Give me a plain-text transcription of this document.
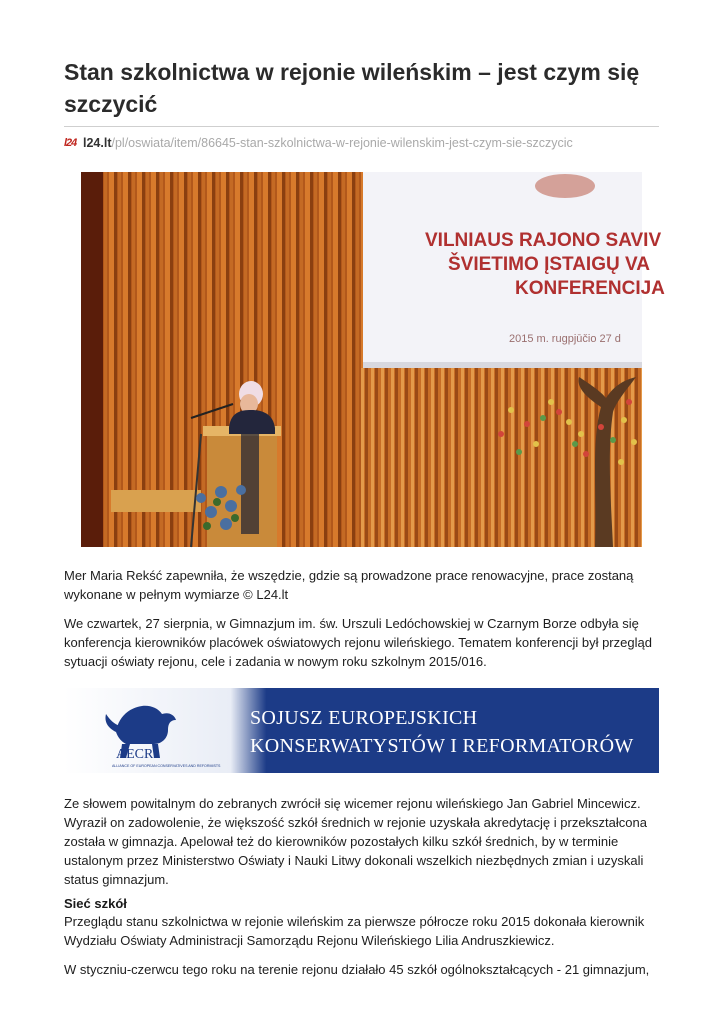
Stan szkolnictwa w rejonie wileńskim – jest czym się szczycić
l24 l24.lt /pl/oswiata/item/86645-stan-szkolnictwa-w-rejonie-wilenskim-jest-czym-sie-szczycic
VILNIAUS RAJONO SAVIV
ŠVIETIMO ĮSTAIGŲ VA
KONFERENCIJA
2015 m. rugpjūčio 27 d

Mer Maria Rekść zapewniła, że wszędzie, gdzie są prowadzone prace renowacyjne, prace zostaną wykonane w pełnym wymiarze © L24.lt

We czwartek, 27 sierpnia, w Gimnazjum im. św. Urszuli Ledóchowskiej w Czarnym Borze odbyła się konferencja kierowników placówek oświatowych rejonu wileńskiego. Tematem konferencji był przegląd sytuacji oświaty rejonu, cele i zadania w nowym roku szkolnym 2015/016.

AECR
ALLIANCE OF EUROPEAN CONSERVATIVES AND REFORMISTS
SOJUSZ EUROPEJSKICH
KONSERWATYSTÓW I REFORMATORÓW

Ze słowem powitalnym do zebranych zwrócił się wicemer rejonu wileńskiego Jan Gabriel Mincewicz. Wyraził on zadowolenie, że większość szkół średnich w rejonie uzyskała akredytację i przekształcona została w gimnazja. Apelował też do kierowników pozostałych kilku szkół średnich, by w terminie ustalonym przez Ministerstwo Oświaty i Nauki Litwy dokonali wszelkich niezbędnych zmian i uzyskali status gimnazjum.

Sieć szkół

Przeglądu stanu szkolnictwa w rejonie wileńskim za pierwsze półrocze roku 2015 dokonała kierownik Wydziału Oświaty Administracji Samorządu Rejonu Wileńskiego Lilia Andruszkiewicz.

W styczniu-czerwcu tego roku na terenie rejonu działało 45 szkół ogólnokształcących - 21 gimnazjum,
